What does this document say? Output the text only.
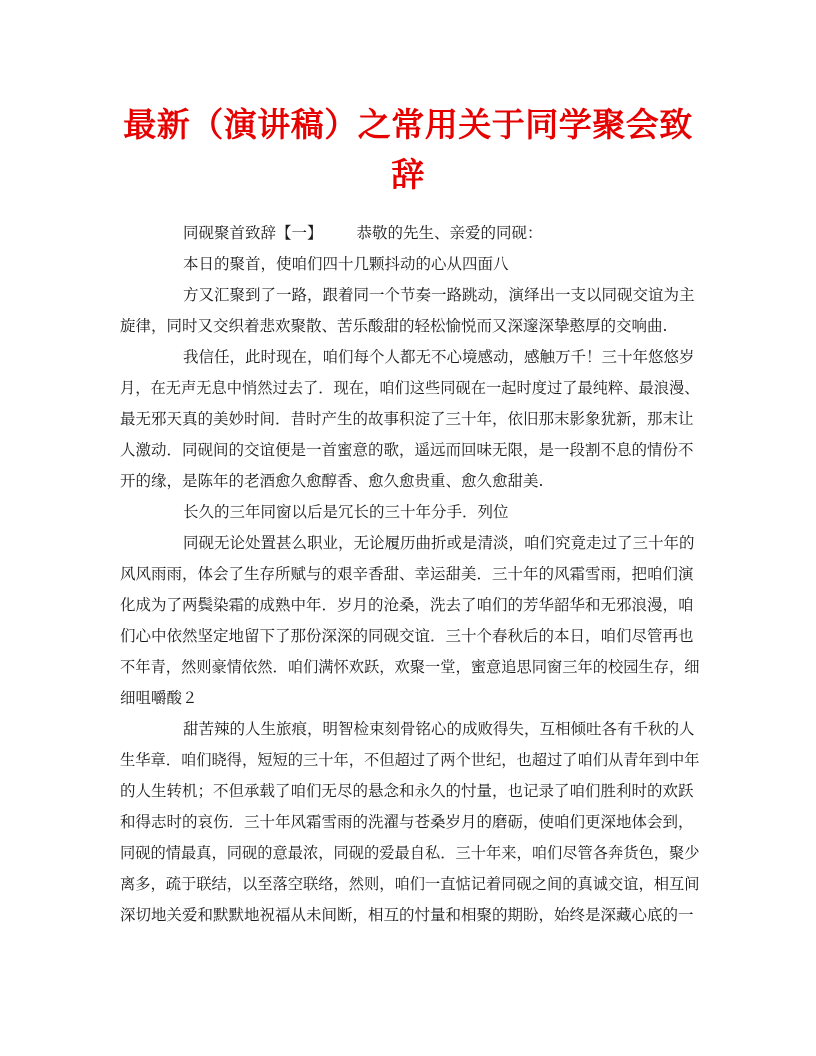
最新（演讲稿）之常用关于同学聚会致
辞
同砚聚首致辞【一】 恭敬的先生、亲爱的同砚：
本日的聚首，使咱们四十几颗抖动的心从四面八
方又汇聚到了一路，跟着同一个节奏一路跳动，演绎出一支以同砚交谊为主
旋律，同时又交织着悲欢聚散、苦乐酸甜的轻松愉悦而又深邃深挚憨厚的交响曲.
我信任，此时现在，咱们每个人都无不心境感动，感触万千！三十年悠悠岁
月，在无声无息中悄然过去了．现在，咱们这些同砚在一起时度过了最纯粹、最浪漫、
最无邪天真的美妙时间．昔时产生的故事积淀了三十年，依旧那末影象犹新，那末让
人激动．同砚间的交谊便是一首蜜意的歌，遥远而回味无限，是一段割不息的情份不
开的缘，是陈年的老酒愈久愈醇香、愈久愈贵重、愈久愈甜美.
长久的三年同窗以后是冗长的三十年分手．列位
同砚无论处置甚么职业，无论履历曲折或是清淡，咱们究竟走过了三十年的
风风雨雨，体会了生存所赋与的艰辛香甜、幸运甜美．三十年的风霜雪雨，把咱们演
化成为了两鬓染霜的成熟中年．岁月的沧桑，洗去了咱们的芳华韶华和无邪浪漫，咱
们心中依然坚定地留下了那份深深的同砚交谊．三十个春秋后的本日，咱们尽管再也
不年青，然则豪情依然．咱们满怀欢跃，欢聚一堂，蜜意追思同窗三年的校园生存，细
细咀嚼酸２
甜苦辣的人生旅痕，明智检束刻骨铭心的成败得失，互相倾吐各有千秋的人
生华章．咱们晓得，短短的三十年，不但超过了两个世纪，也超过了咱们从青年到中年
的人生转机；不但承载了咱们无尽的悬念和永久的忖量，也记录了咱们胜利时的欢跃
和得志时的哀伤．三十年风霜雪雨的洗濯与苍桑岁月的磨砺，使咱们更深地体会到，
同砚的情最真，同砚的意最浓，同砚的爱最自私．三十年来，咱们尽管各奔货色，聚少
离多，疏于联结，以至落空联络，然则，咱们一直惦记着同砚之间的真诚交谊，相互间
深切地关爱和默默地祝福从未间断，相互的忖量和相聚的期盼，始终是深藏心底的一
